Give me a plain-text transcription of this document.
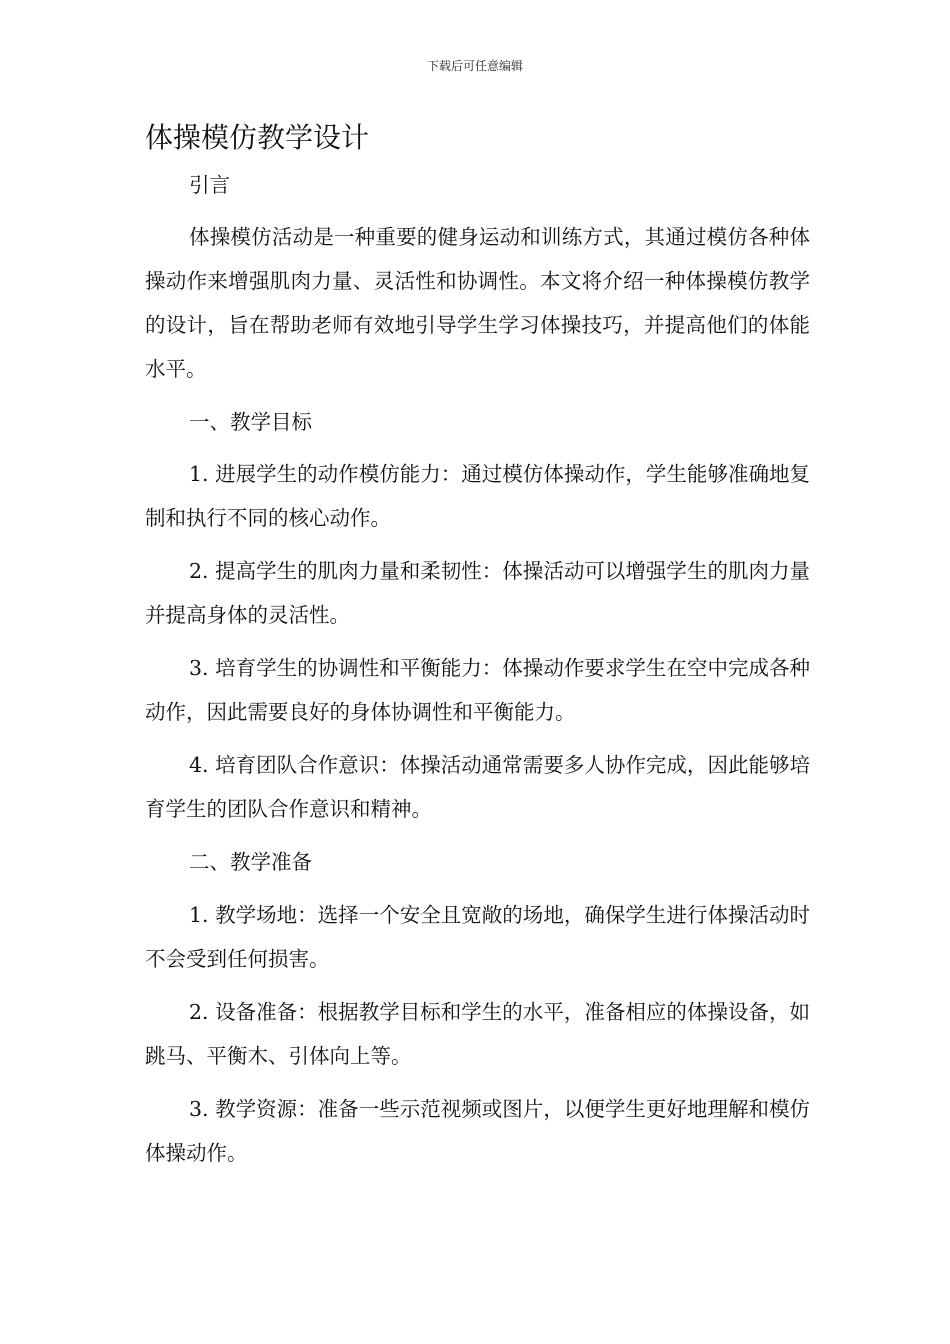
下载后可任意编辑
体操模仿教学设计

引言

体操模仿活动是一种重要的健身运动和训练方式，其通过模仿各种体操动作来增强肌肉力量、灵活性和协调性。本文将介绍一种体操模仿教学的设计，旨在帮助老师有效地引导学生学习体操技巧，并提高他们的体能水平。

一、教学目标

1. 进展学生的动作模仿能力：通过模仿体操动作，学生能够准确地复制和执行不同的核心动作。

2. 提高学生的肌肉力量和柔韧性：体操活动可以增强学生的肌肉力量并提高身体的灵活性。

3. 培育学生的协调性和平衡能力：体操动作要求学生在空中完成各种动作，因此需要良好的身体协调性和平衡能力。

4. 培育团队合作意识：体操活动通常需要多人协作完成，因此能够培育学生的团队合作意识和精神。

二、教学准备

1. 教学场地：选择一个安全且宽敞的场地，确保学生进行体操活动时不会受到任何损害。

2. 设备准备：根据教学目标和学生的水平，准备相应的体操设备，如跳马、平衡木、引体向上等。

3. 教学资源：准备一些示范视频或图片，以便学生更好地理解和模仿体操动作。
